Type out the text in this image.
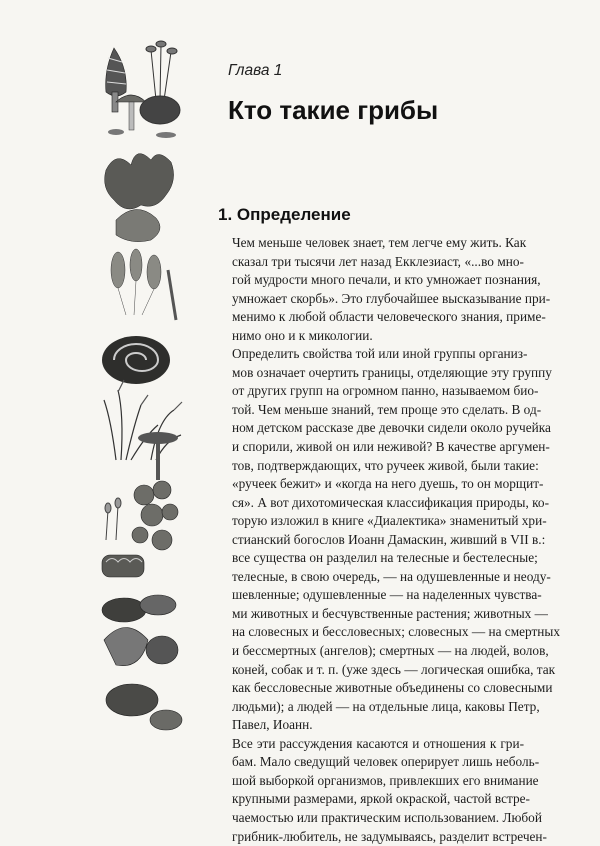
Глава 1
Кто такие грибы
1. Определение

Чем меньше человек знает, тем легче ему жить. Как
сказал три тысячи лет назад Екклезиаст, «...во мно-
гой мудрости много печали, и кто умножает познания,
умножает скорбь». Это глубочайшее высказывание при-
менимо к любой области человеческого знания, приме-
нимо оно и к микологии.

Определить свойства той или иной группы организ-
мов означает очертить границы, отделяющие эту группу
от других групп на огромном панно, называемом био-
той. Чем меньше знаний, тем проще это сделать. В од-
ном детском рассказе две девочки сидели около ручейка
и спорили, живой он или неживой? В качестве аргумен-
тов, подтверждающих, что ручеек живой, были такие:
«ручеек бежит» и «когда на него дуешь, то он морщит-
ся». А вот дихотомическая классификация природы, ко-
торую изложил в книге «Диалектика» знаменитый хри-
стианский богослов Иоанн Дамаскин, живший в VII в.:
все существа он разделил на телесные и бестелесные;
телесные, в свою очередь, — на одушевленные и неоду-
шевленные; одушевленные — на наделенных чувства-
ми животных и бесчувственные растения; животных —
на словесных и бессловесных; словесных — на смертных
и бессмертных (ангелов); смертных — на людей, волов,
коней, собак и т. п. (уже здесь — логическая ошибка, так
как бессловесные животные объединены со словесными
людьми); а людей — на отдельные лица, каковы Петр,
Павел, Иоанн.

Все эти рассуждения касаются и отношения к гри-
бам. Мало сведущий человек оперирует лишь неболь-
шой выборкой организмов, привлекших его внимание
крупными размерами, яркой окраской, частой встре-
чаемостью или практическим использованием. Любой
грибник-любитель, не задумываясь, разделит встречен-
